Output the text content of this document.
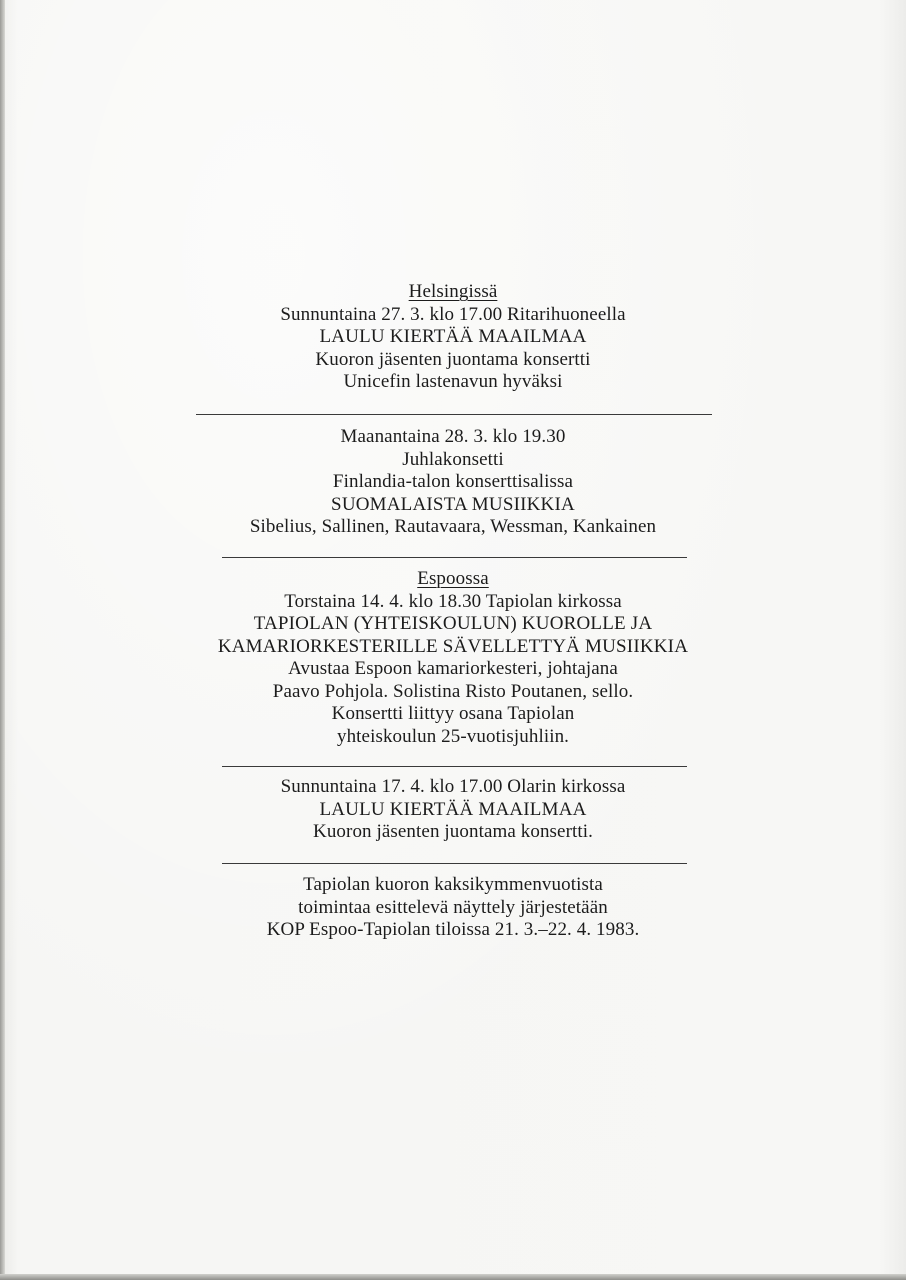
Helsingissä
Sunnuntaina 27. 3. klo 17.00 Ritarihuoneella
LAULU KIERTÄÄ MAAILMAA
Kuoron jäsenten juontama konsertti
Unicefin lastenavun hyväksi
Maanantaina 28. 3. klo 19.30
Juhlakonsetti
Finlandia-talon konserttisalissa
SUOMALAISTA MUSIIKKIA
Sibelius, Sallinen, Rautavaara, Wessman, Kankainen
Espoossa
Torstaina 14. 4. klo 18.30 Tapiolan kirkossa
TAPIOLAN (YHTEISKOULUN) KUOROLLE JA
KAMARIORKESTERILLE SÄVELLETTYÄ MUSIIKKIA
Avustaa Espoon kamariorkesteri, johtajana
Paavo Pohjola. Solistina Risto Poutanen, sello.
Konsertti liittyy osana Tapiolan
yhteiskoulun 25-vuotisjuhliin.
Sunnuntaina 17. 4. klo 17.00 Olarin kirkossa
LAULU KIERTÄÄ MAAILMAA
Kuoron jäsenten juontama konsertti.
Tapiolan kuoron kaksikymmenvuotista
toimintaa esittelevä näyttely järjestetään
KOP Espoo-Tapiolan tiloissa 21. 3.–22. 4. 1983.
